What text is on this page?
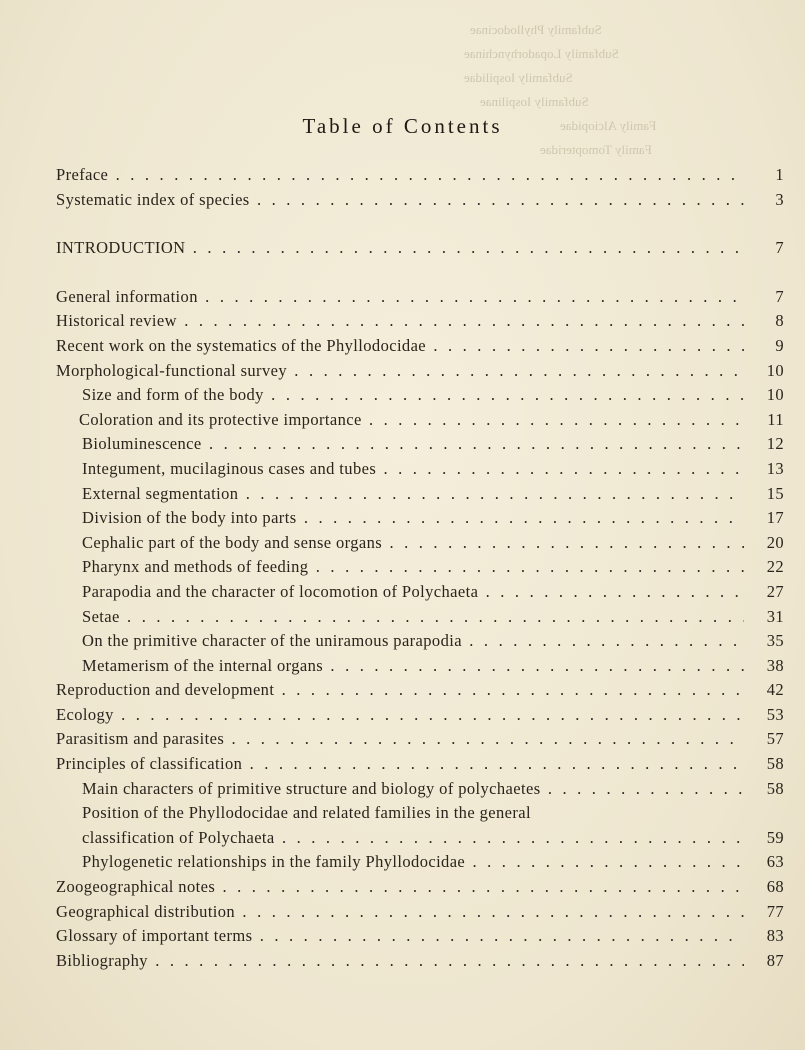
Subfamily Phyllodocinae
Subfamily Lopadorhynchinae
Subfamily Iospilidae
Subfamily Iospilinae
Family Alciopidae
Family Tomopteridae
Table of Contents
Preface . . .	1
Systematic index of species . . .	3
INTRODUCTION . . .	7
General information . . .	7
Historical review . . .	8
Recent work on the systematics of the Phyllodocidae . . .	9
Morphological-functional survey . . .	10
Size and form of the body . . .	10
Coloration and its protective importance . . .	11
Bioluminescence . . .	12
Integument, mucilaginous cases and tubes . . .	13
External segmentation . . .	15
Division of the body into parts . . .	17
Cephalic part of the body and sense organs . . .	20
Pharynx and methods of feeding . . .	22
Parapodia and the character of locomotion of Polychaeta . . .	27
Setae . . .	31
On the primitive character of the uniramous parapodia . . .	35
Metamerism of the internal organs . . .	38
Reproduction and development . . .	42
Ecology . . .	53
Parasitism and parasites . . .	57
Principles of classification . . .	58
Main characters of primitive structure and biology of polychaetes . . .	58
Position of the Phyllodocidae and related families in the general
classification of Polychaeta . . .	59
Phylogenetic relationships in the family Phyllodocidae . . .	63
Zoogeographical notes . . .	68
Geographical distribution . . .	77
Glossary of important terms . . .	83
Bibliography . . .	87
